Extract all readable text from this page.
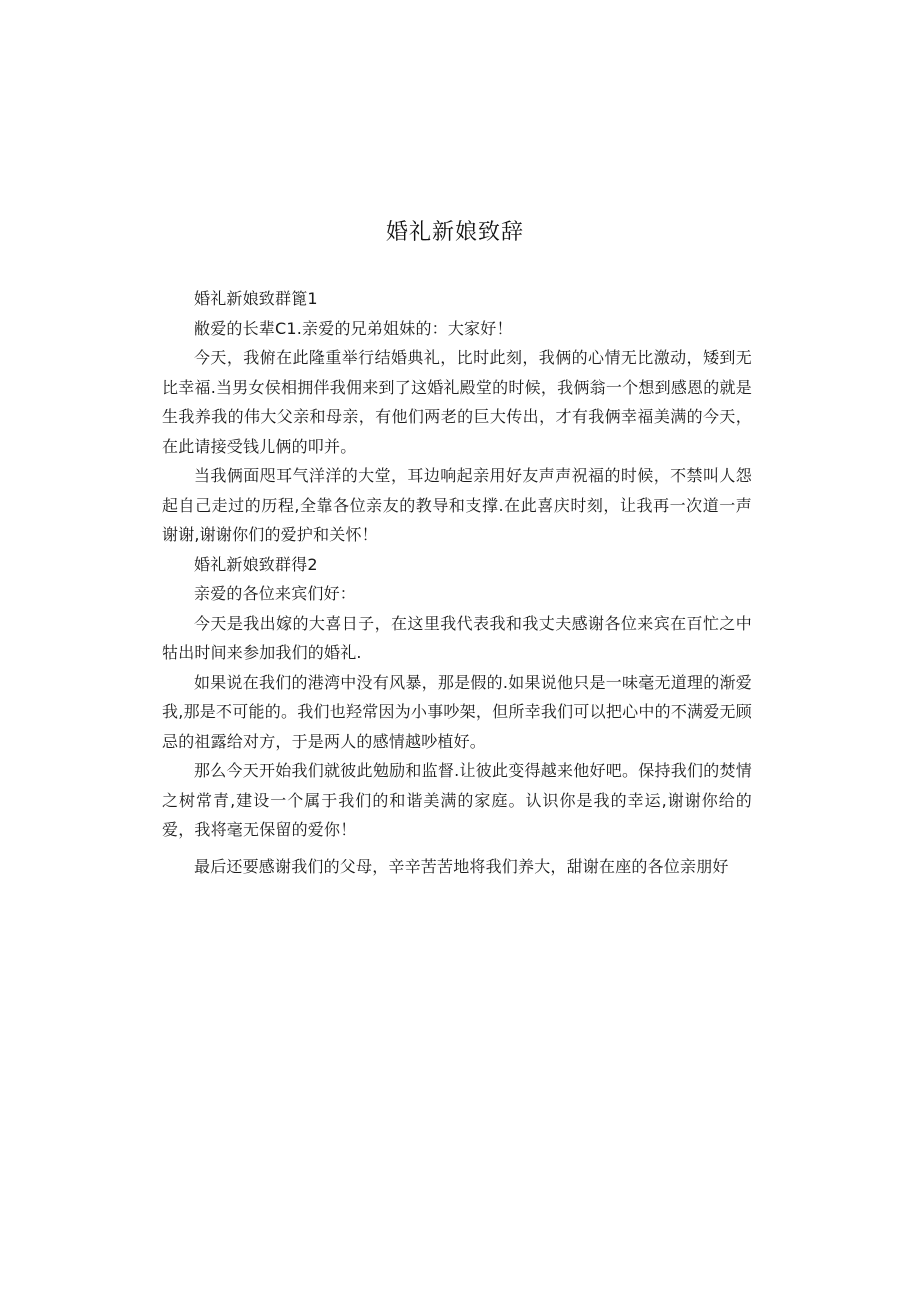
婚礼新娘致辞

婚礼新娘致群篦1

敝爱的长辈C1.亲爱的兄弟姐妹的：大家好！

今天，我俯在此隆重举行结婚典礼，比时此刻，我俩的心情无比激动，矮到无比幸福.当男女侯相拥伴我佣来到了这婚礼殿堂的时候，我俩翁一个想到感恩的就是生我养我的伟大父亲和母亲，有他们两老的巨大传出，才有我俩幸福美满的今天，在此请接受钱儿俩的叩并。

当我俩面咫耳气洋洋的大堂，耳边响起亲用好友声声祝福的时候，不禁叫人怨起自己走过的历程,全靠各位亲友的教导和支撑.在此喜庆时刻，让我再一次道一声谢谢,谢谢你们的爱护和关怀！

婚礼新娘致群得2

亲爱的各位来宾们好：

今天是我出嫁的大喜日子，在这里我代表我和我丈夫感谢各位来宾在百忙之中牯出时间来参加我们的婚礼.

如果说在我们的港湾中没有风暴，那是假的.如果说他只是一味毫无道理的渐爱我,那是不可能的。我们也羟常因为小事吵架，但所幸我们可以把心中的不满爱无顾忌的祖露给对方，于是两人的感情越吵植好。

那么今天开始我们就彼此勉励和监督.让彼此变得越来他好吧。保持我们的焚情之树常青,建设一个属于我们的和谐美满的家庭。认识你是我的幸运,谢谢你给的爱，我将毫无保留的爱你！

最后还要感谢我们的父母，辛辛苦苦地将我们养大，甜谢在座的各位亲朋好
